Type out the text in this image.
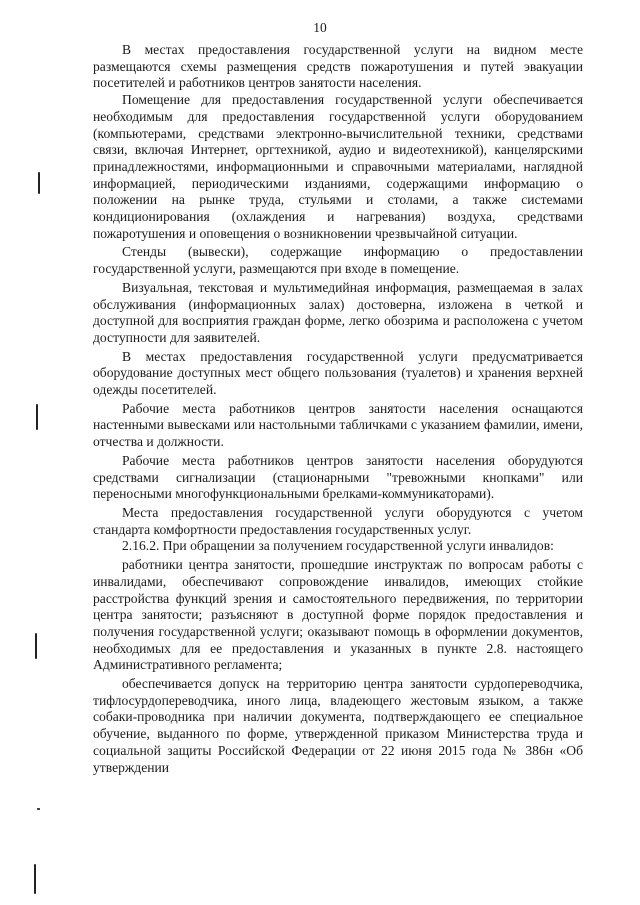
10

В местах предоставления государственной услуги на видном месте размещаются схемы размещения средств пожаротушения и путей эвакуации посетителей и работников центров занятости населения.

Помещение для предоставления государственной услуги обеспечивается необходимым для предоставления государственной услуги оборудованием (компьютерами, средствами электронно-вычислительной техники, средствами связи, включая Интернет, оргтехникой, аудио и видеотехникой), канцелярскими принадлежностями, информационными и справочными материалами, наглядной информацией, периодическими изданиями, содержащими информацию о положении на рынке труда, стульями и столами, а также системами кондиционирования (охлаждения и нагревания) воздуха, средствами пожаротушения и оповещения о возникновении чрезвычайной ситуации.

Стенды (вывески), содержащие информацию о предоставлении государственной услуги, размещаются при входе в помещение.

Визуальная, текстовая и мультимедийная информация, размещаемая в залах обслуживания (информационных залах) достоверна, изложена в четкой и доступной для восприятия граждан форме, легко обозрима и расположена с учетом доступности для заявителей.

В местах предоставления государственной услуги предусматривается оборудование доступных мест общего пользования (туалетов) и хранения верхней одежды посетителей.

Рабочие места работников центров занятости населения оснащаются настенными вывесками или настольными табличками с указанием фамилии, имени, отчества и должности.

Рабочие места работников центров занятости населения оборудуются средствами сигнализации (стационарными "тревожными кнопками" или переносными многофункциональными брелками-коммуникаторами).

Места предоставления государственной услуги оборудуются с учетом стандарта комфортности предоставления государственных услуг.

2.16.2. При обращении за получением государственной услуги инвалидов:

работники центра занятости, прошедшие инструктаж по вопросам работы с инвалидами, обеспечивают сопровождение инвалидов, имеющих стойкие расстройства функций зрения и самостоятельного передвижения, по территории центра занятости; разъясняют в доступной форме порядок предоставления и получения государственной услуги; оказывают помощь в оформлении документов, необходимых для ее предоставления и указанных в пункте 2.8. настоящего Административного регламента;

обеспечивается допуск на территорию центра занятости сурдопереводчика, тифлосурдопереводчика, иного лица, владеющего жестовым языком, а также собаки-проводника при наличии документа, подтверждающего ее специальное обучение, выданного по форме, утвержденной приказом Министерства труда и социальной защиты Российской Федерации от 22 июня 2015 года № 386н «Об утверждении
